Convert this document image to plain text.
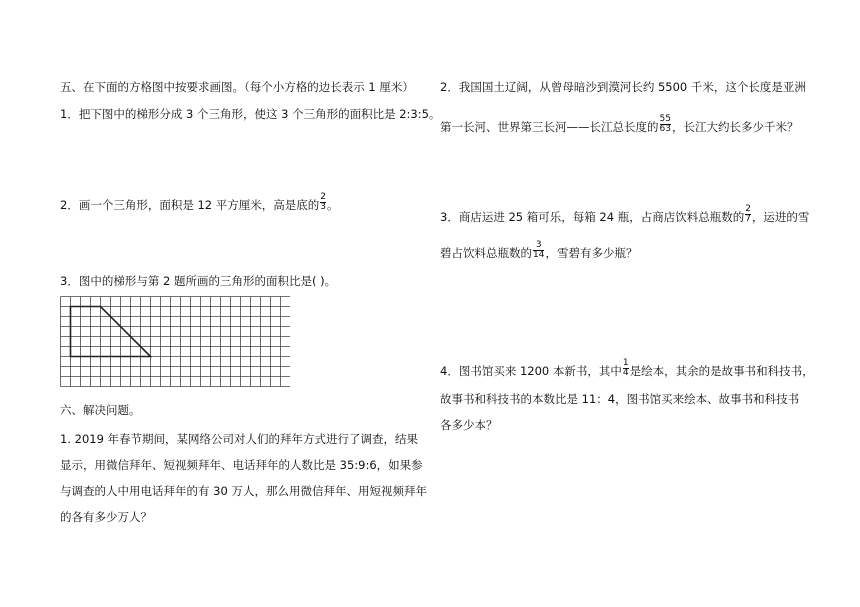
五、在下面的方格图中按要求画图。（每个小方格的边长表示 1 厘米）
1．把下图中的梯形分成 3 个三角形，使这 3 个三角形的面积比是 2:3:5。
2．画一个三角形，面积是 12 平方厘米，高是底的 $\frac{2}{3}$ 。
3．图中的梯形与第 2 题所画的三角形的面积比是( )。
六、解决问题。
1. 2019 年春节期间，某网络公司对人们的拜年方式进行了调查，结果
显示，用微信拜年、短视频拜年、电话拜年的人数比是 35:9:6，如果参
与调查的人中用电话拜年的有 30 万人，那么用微信拜年、用短视频拜年
的各有多少万人？
2．我国国土辽阔，从曾母暗沙到漠河长约 5500 千米，这个长度是亚洲
第一长河、世界第三长河——长江总长度的 $\frac{55}{63}$ ，长江大约长多少千米？
3．商店运进 25 箱可乐，每箱 24 瓶，占商店饮料总瓶数的 $\frac{2}{7}$ ，运进的雪
碧占饮料总瓶数的 $\frac{3}{14}$ ，雪碧有多少瓶？
4．图书馆买来 1200 本新书，其中 $\frac{1}{4}$ 是绘本，其余的是故事书和科技书，
故事书和科技书的本数比是 11：4，图书馆买来绘本、故事书和科技书
各多少本？
